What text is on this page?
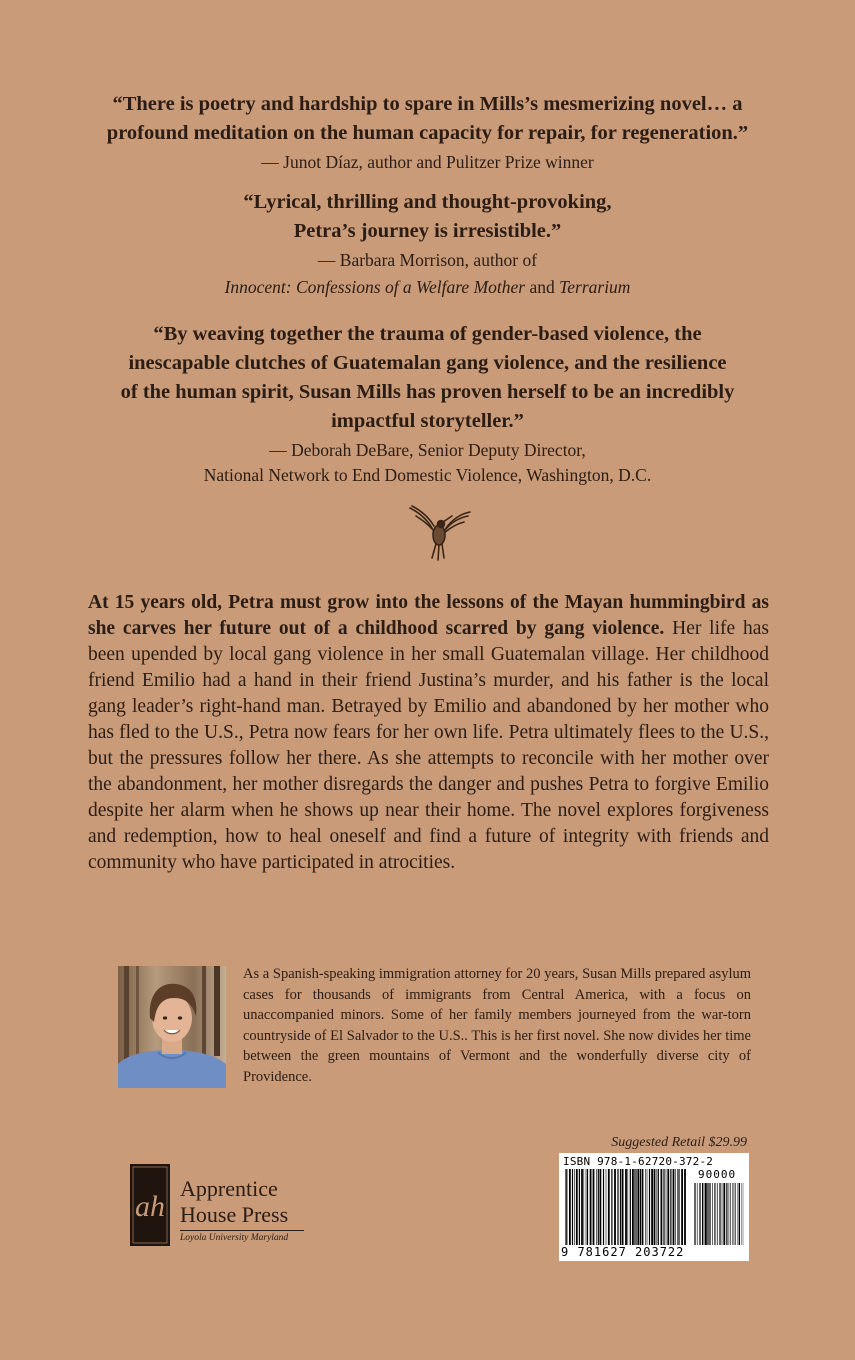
“There is poetry and hardship to spare in Mills’s mesmerizing novel… a
profound meditation on the human capacity for repair, for regeneration.”
— Junot Díaz, author and Pulitzer Prize winner
“Lyrical, thrilling and thought-provoking,
Petra’s journey is irresistible.”
— Barbara Morrison, author of
Innocent: Confessions of a Welfare Mother and Terrarium
“By weaving together the trauma of gender-based violence, the
inescapable clutches of Guatemalan gang violence, and the resilience
of the human spirit, Susan Mills has proven herself to be an incredibly
impactful storyteller.”
— Deborah DeBare, Senior Deputy Director,
National Network to End Domestic Violence, Washington, D.C.
At 15 years old, Petra must grow into the lessons of the Mayan hummingbird as she carves her future out of a childhood scarred by gang violence. Her life has been upended by local gang violence in her small Guatemalan village. Her childhood friend Emilio had a hand in their friend Justina’s murder, and his father is the local gang leader’s right-hand man. Betrayed by Emilio and abandoned by her mother who has fled to the U.S., Petra now fears for her own life. Petra ultimately flees to the U.S., but the pressures follow her there. As she attempts to reconcile with her mother over the abandonment, her mother disregards the danger and pushes Petra to forgive Emilio despite her alarm when he shows up near their home. The novel explores forgiveness and redemption, how to heal oneself and find a future of integrity with friends and community who have participated in atrocities.
As a Spanish-speaking immigration attorney for 20 years, Susan Mills prepared asylum cases for thousands of immigrants from Central America, with a focus on unaccompanied minors. Some of her family members journeyed from the war-torn countryside of El Salvador to the U.S.. This is her first novel. She now divides her time between the green mountains of Vermont and the wonderfully diverse city of Providence.
ah
Apprentice
House Press
Loyola University Maryland
Suggested Retail $29.99
ISBN 978-1-62720-372-2
90000
9 781627 203722
